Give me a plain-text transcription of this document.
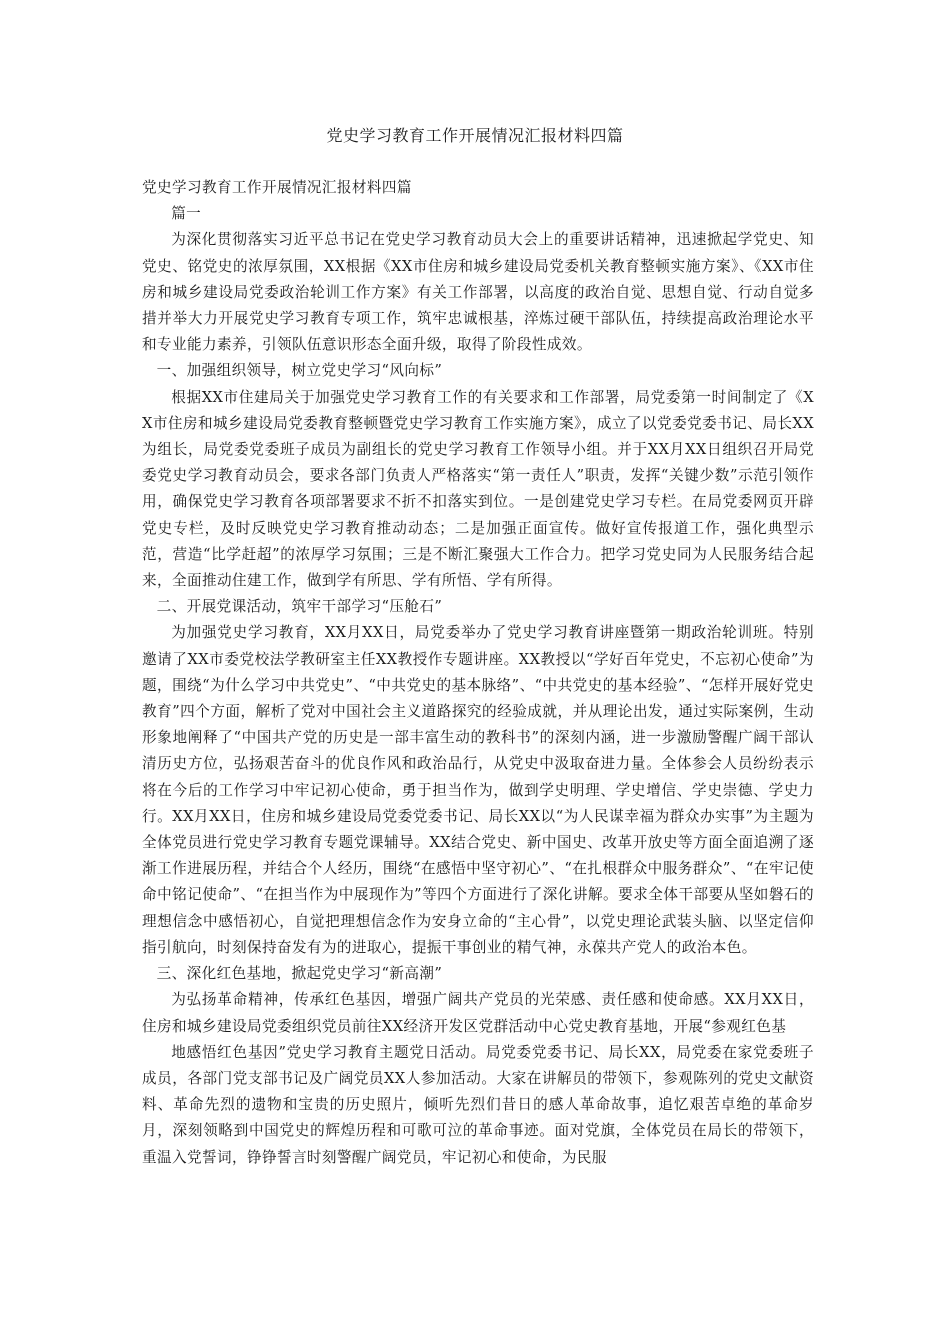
党史学习教育工作开展情况汇报材料四篇

党史学习教育工作开展情况汇报材料四篇

篇一

为深化贯彻落实习近平总书记在党史学习教育动员大会上的重要讲话精神，迅速掀起学党史、知党史、铭党史的浓厚氛围，XX根据《XX市住房和城乡建设局党委机关教育整顿实施方案》、《XX市住房和城乡建设局党委政治轮训工作方案》有关工作部署，以高度的政治自觉、思想自觉、行动自觉多措并举大力开展党史学习教育专项工作，筑牢忠诚根基，淬炼过硬干部队伍，持续提高政治理论水平和专业能力素养，引领队伍意识形态全面升级，取得了阶段性成效。

一、加强组织领导，树立党史学习“风向标”

根据XX市住建局关于加强党史学习教育工作的有关要求和工作部署，局党委第一时间制定了《XX市住房和城乡建设局党委教育整顿暨党史学习教育工作实施方案》，成立了以党委党委书记、局长XX为组长，局党委党委班子成员为副组长的党史学习教育工作领导小组。并于XX月XX日组织召开局党委党史学习教育动员会，要求各部门负责人严格落实“第一责任人”职责，发挥“关键少数”示范引领作用，确保党史学习教育各项部署要求不折不扣落实到位。一是创建党史学习专栏。在局党委网页开辟党史专栏，及时反映党史学习教育推动动态；二是加强正面宣传。做好宣传报道工作，强化典型示范，营造“比学赶超”的浓厚学习氛围；三是不断汇聚强大工作合力。把学习党史同为人民服务结合起来，全面推动住建工作，做到学有所思、学有所悟、学有所得。

二、开展党课活动，筑牢干部学习“压舱石”

为加强党史学习教育，XX月XX日，局党委举办了党史学习教育讲座暨第一期政治轮训班。特别邀请了XX市委党校法学教研室主任XX教授作专题讲座。XX教授以“学好百年党史，不忘初心使命”为题，围绕“为什么学习中共党史”、“中共党史的基本脉络”、“中共党史的基本经验”、“怎样开展好党史教育”四个方面，解析了党对中国社会主义道路探究的经验成就，并从理论出发，通过实际案例，生动形象地阐释了“中国共产党的历史是一部丰富生动的教科书”的深刻内涵，进一步激励警醒广阔干部认清历史方位，弘扬艰苦奋斗的优良作风和政治品行，从党史中汲取奋进力量。全体参会人员纷纷表示将在今后的工作学习中牢记初心使命，勇于担当作为，做到学史明理、学史增信、学史崇德、学史力行。XX月XX日，住房和城乡建设局党委党委书记、局长XX以“为人民谋幸福为群众办实事”为主题为全体党员进行党史学习教育专题党课辅导。XX结合党史、新中国史、改革开放史等方面全面追溯了逐渐工作进展历程，并结合个人经历，围绕“在感悟中坚守初心”、“在扎根群众中服务群众”、“在牢记使命中铭记使命”、“在担当作为中展现作为”等四个方面进行了深化讲解。要求全体干部要从坚如磐石的理想信念中感悟初心，自觉把理想信念作为安身立命的“主心骨”，以党史理论武装头脑、以坚定信仰指引航向，时刻保持奋发有为的进取心，提振干事创业的精气神，永葆共产党人的政治本色。

三、深化红色基地，掀起党史学习“新高潮”

为弘扬革命精神，传承红色基因，增强广阔共产党员的光荣感、责任感和使命感。XX月XX日，住房和城乡建设局党委组织党员前往XX经济开发区党群活动中心党史教育基地，开展“参观红色基

地感悟红色基因”党史学习教育主题党日活动。局党委党委书记、局长XX，局党委在家党委班子成员，各部门党支部书记及广阔党员XX人参加活动。大家在讲解员的带领下，参观陈列的党史文献资料、革命先烈的遗物和宝贵的历史照片，倾听先烈们昔日的感人革命故事，追忆艰苦卓绝的革命岁月，深刻领略到中国党史的辉煌历程和可歌可泣的革命事迹。面对党旗，全体党员在局长的带领下，重温入党誓词，铮铮誓言时刻警醒广阔党员，牢记初心和使命，为民服
